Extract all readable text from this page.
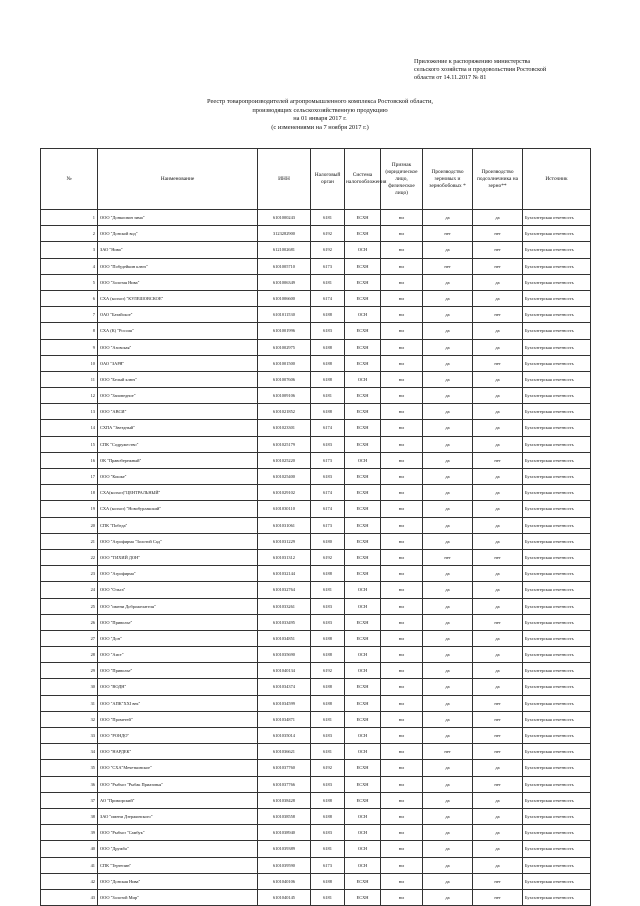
Приложение к распоряжению министерства
сельского хозяйства и продовольствия Ростовской
области от 14.11.2017 № 81
Реестр товаропроизводителей агропромышленного комплекса Ростовской области,
производящих сельскохозяйственную продукцию
на 01 января 2017 г.
(с изменениями на 7 ноября 2017 г.)
№	Наименование	ИНН	Налоговый орган	Система налогообложения	Признак (юридическое лицо, физическое лицо)	Производство зерновых и зернобобовых *	Производство подсолнечника на зерно**	Источник
1	ООО "Донкосвин зима"	6101000243	6181	ЕСХН	юл	да	да	Бухгалтерская отчетность
2	ООО "Донской вод"	3123282900	6192	ЕСХН	юл	нет	нет	Бухгалтерская отчетность
3	ЗАО "Нива"	6121002681	6192	ОСН	юл	да	нет	Бухгалтерская отчетность
4	ООО "Побудейкин ключ"	6101005710	6173	ЕСХН	юл	нет	нет	Бухгалтерская отчетность
5	ООО "Золотая Нива"	6101006349	6181	ЕСХН	юл	да	да	Бухгалтерская отчетность
6	СХА (колхоз) "КУЛЕШОВСКОЕ"	6101006600	6174	ЕСХН	юл	да	да	Бухгалтерская отчетность
7	ОАО "Батайское"	6101011530	6188	ОСН	юл	да	нет	Бухгалтерская отчетность
8	СХА (К) "Россия"	6101001996	6183	ЕСХН	юл	да	да	Бухгалтерская отчетность
9	ООО "Азовская"	6101002975	6188	ЕСХН	юл	да	да	Бухгалтерская отчетность
10	ОАО "ЗАРЯ"	6101001500	6188	ЕСХН	юл	да	нет	Бухгалтерская отчетность
11	ООО "Белый ключ"	6101007606	6188	ОСН	юл	да	да	Бухгалтерская отчетность
12	ООО "Заповедное"	6101009106	6181	ЕСХН	юл	да	да	Бухгалтерская отчетность
13	ООО "АВСИ"	6101021852	6188	ЕСХН	юл	да	да	Бухгалтерская отчетность
14	СХПА "Звездный"	6101023301	6174	ЕСХН	юл	да	да	Бухгалтерская отчетность
15	СПК "Содружество"	6101025179	6183	ЕСХН	юл	да	да	Бухгалтерская отчетность
16	ОК "Правобережный"	6101025220	6173	ОСН	юл	да	нет	Бухгалтерская отчетность
17	ООО "Кошке"	6101025400	6183	ЕСХН	юл	да	да	Бухгалтерская отчетность
18	СХА(колхоз)"ЦЕНТРАЛЬНЫЙ"	6101029102	6174	ЕСХН	юл	да	да	Бухгалтерская отчетность
19	СХА (колхоз) "Новобурлакский"	6101030110	6174	ЕСХН	юл	да	да	Бухгалтерская отчетность
20	СПК "Победа"	6101031061	6173	ЕСХН	юл	да	да	Бухгалтерская отчетность
21	ООО "Агрофирма "Золотой Сад"	6101031229	6180	ЕСХН	юл	да	да	Бухгалтерская отчетность
22	ООО "ТИХИЙ ДОН"	6101031312	6192	ЕСХН	юл	нет	нет	Бухгалтерская отчетность
23	ООО "Агрофирма"	6101032144	6188	ЕСХН	юл	да	да	Бухгалтерская отчетность
24	ООО "Ольга"	6101032764	6181	ОСН	юл	да	да	Бухгалтерская отчетность
25	ООО "имени Доброжелателя"	6101033261	6183	ОСН	юл	да	да	Бухгалтерская отчетность
26	ООО "Приволье"	6101033495	6183	ЕСХН	юл	да	нет	Бухгалтерская отчетность
27	ООО "Дон"	6101034851	6188	ЕСХН	юл	да	да	Бухгалтерская отчетность
28	ООО "Аист"	6101035690	6188	ОСН	юл	да	да	Бухгалтерская отчетность
29	ООО "Приволье"	6101040134	6192	ОСН	юл	да	да	Бухгалтерская отчетность
30	ООО "ВОДН"	6101034374	6188	ЕСХН	юл	да	да	Бухгалтерская отчетность
31	ООО "АПК"XXI век"	6101034599	6188	ЕСХН	юл	да	нет	Бухгалтерская отчетность
32	ООО "Прометей"	6101034871	6181	ЕСХН	юл	да	нет	Бухгалтерская отчетность
33	ООО "РОНДО"	6101035014	6183	ОСН	юл	да	нет	Бухгалтерская отчетность
34	ООО "НАРДЕК"	6101036621	6181	ОСН	юл	нет	нет	Бухгалтерская отчетность
35	ООО "СХА"Мечеткинское"	6101037760	6192	ЕСХН	юл	да	да	Бухгалтерская отчетность
36	ООО "Рыбхоз "Рыбак Приазовья"	6101037766	6183	ЕСХН	юл	да	нет	Бухгалтерская отчетность
37	АО "Приморский"	6101038428	6188	ЕСХН	юл	да	да	Бухгалтерская отчетность
38	ЗАО "имени Дзержинского"	6101038558	6188	ОСН	юл	да	да	Бухгалтерская отчетность
39	ООО "Рыбхоз "Самбук"	6101038940	6183	ОСН	юл	да	да	Бухгалтерская отчетность
40	ООО "Дружба"	6101039389	6181	ОСН	юл	да	да	Бухгалтерская отчетность
41	СПК "Тертепин"	6101039590	6173	ОСН	юл	да	да	Бухгалтерская отчетность
42	ООО "Донская Нива"	6101040106	6188	ЕСХН	юл	да	нет	Бухгалтерская отчетность
43	ООО "Золотой Мир"	6101040145	6181	ЕСХН	юл	да	нет	Бухгалтерская отчетность
